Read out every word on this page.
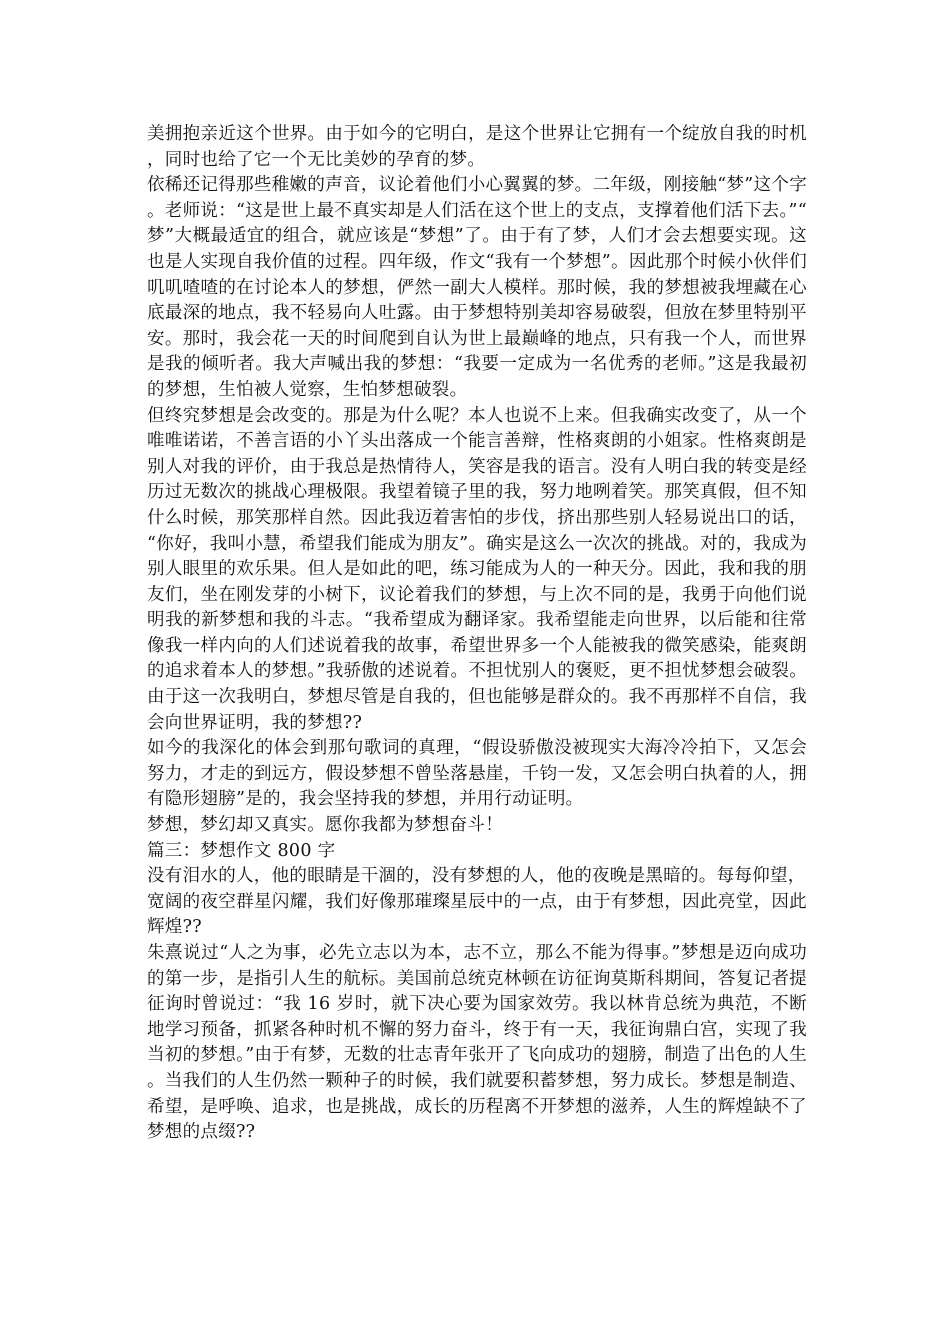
美拥抱亲近这个世界。由于如今的它明白，是这个世界让它拥有一个绽放自我的时机，同时也给了它一个无比美妙的孕育的梦。

依稀还记得那些稚嫩的声音，议论着他们小心翼翼的梦。二年级，刚接触“梦”这个字。老师说：“这是世上最不真实却是人们活在这个世上的支点，支撑着他们活下去。”“梦”大概最适宜的组合，就应该是“梦想”了。由于有了梦，人们才会去想要实现。这也是人实现自我价值的过程。四年级，作文“我有一个梦想”。因此那个时候小伙伴们叽叽喳喳的在讨论本人的梦想，俨然一副大人模样。那时候，我的梦想被我埋藏在心底最深的地点，我不轻易向人吐露。由于梦想特别美却容易破裂，但放在梦里特别平安。那时，我会花一天的时间爬到自认为世上最巅峰的地点，只有我一个人，而世界是我的倾听者。我大声喊出我的梦想：“我要一定成为一名优秀的老师。”这是我最初的梦想，生怕被人觉察，生怕梦想破裂。

但终究梦想是会改变的。那是为什么呢？本人也说不上来。但我确实改变了，从一个唯唯诺诺，不善言语的小丫头出落成一个能言善辩，性格爽朗的小姐家。性格爽朗是别人对我的评价，由于我总是热情待人，笑容是我的语言。没有人明白我的转变是经历过无数次的挑战心理极限。我望着镜子里的我，努力地咧着笑。那笑真假，但不知什么时候，那笑那样自然。因此我迈着害怕的步伐，挤出那些别人轻易说出口的话，“你好，我叫小慧，希望我们能成为朋友”。确实是这么一次次的挑战。对的，我成为别人眼里的欢乐果。但人是如此的吧，练习能成为人的一种天分。因此，我和我的朋友们，坐在刚发芽的小树下，议论着我们的梦想，与上次不同的是，我勇于向他们说明我的新梦想和我的斗志。“我希望成为翻译家。我希望能走向世界，以后能和往常像我一样内向的人们述说着我的故事，希望世界多一个人能被我的微笑感染，能爽朗的追求着本人的梦想。”我骄傲的述说着。不担忧别人的褒贬，更不担忧梦想会破裂。由于这一次我明白，梦想尽管是自我的，但也能够是群众的。我不再那样不自信，我会向世界证明，我的梦想??

如今的我深化的体会到那句歌词的真理，“假设骄傲没被现实大海冷冷拍下，又怎会努力，才走的到远方，假设梦想不曾坠落悬崖，千钧一发，又怎会明白执着的人，拥有隐形翅膀”是的，我会坚持我的梦想，并用行动证明。

梦想，梦幻却又真实。愿你我都为梦想奋斗！

篇三：梦想作文 800 字

没有泪水的人，他的眼睛是干涸的，没有梦想的人，他的夜晚是黑暗的。每每仰望，

宽阔的夜空群星闪耀，我们好像那璀璨星辰中的一点，由于有梦想，因此亮堂，因此辉煌??

朱熹说过“人之为事，必先立志以为本，志不立，那么不能为得事。”梦想是迈向成功的第一步，是指引人生的航标。美国前总统克林顿在访征询莫斯科期间，答复记者提征询时曾说过：“我 16 岁时，就下决心要为国家效劳。我以林肯总统为典范，不断地学习预备，抓紧各种时机不懈的努力奋斗，终于有一天，我征询鼎白宫，实现了我当初的梦想。”由于有梦，无数的壮志青年张开了飞向成功的翅膀，制造了出色的人生。当我们的人生仍然一颗种子的时候，我们就要积蓄梦想，努力成长。梦想是制造、希望，是呼唤、追求，也是挑战，成长的历程离不开梦想的滋养，人生的辉煌缺不了梦想的点缀??
